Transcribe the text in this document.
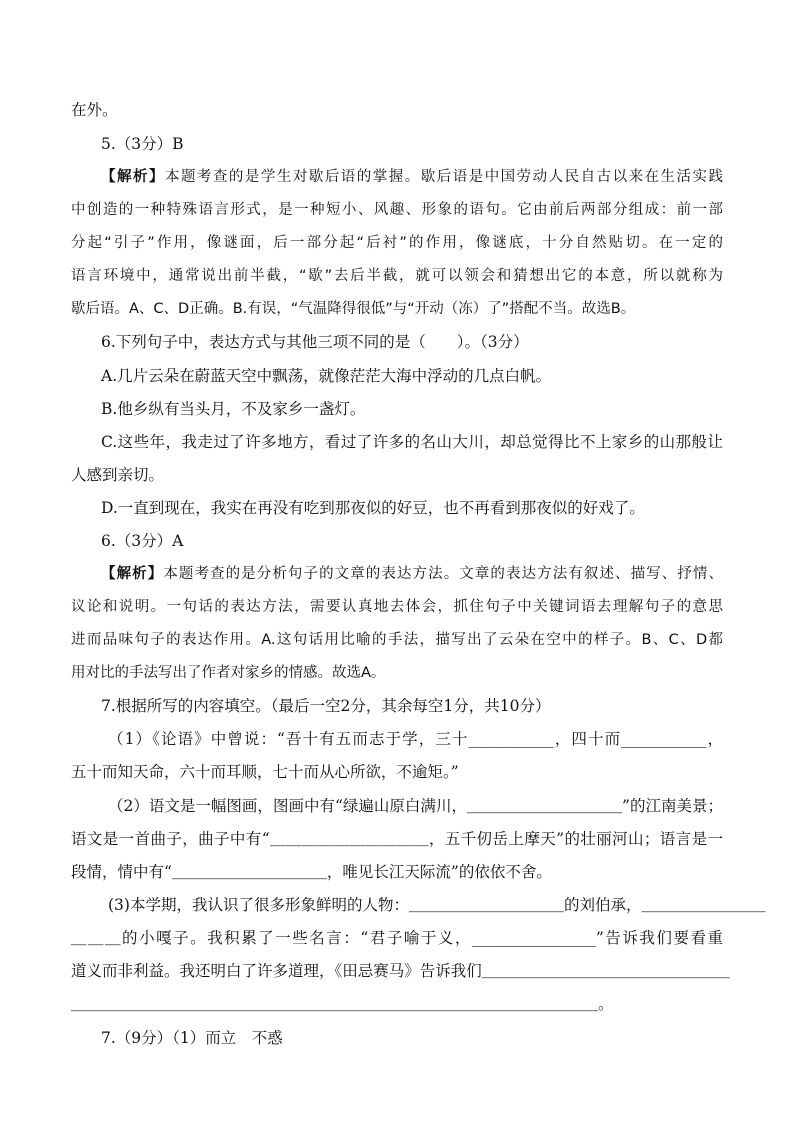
在外。
5.（3分）B
【解析】本题考查的是学生对歇后语的掌握。歇后语是中国劳动人民自古以来在生活实践
中创造的一种特殊语言形式，是一种短小、风趣、形象的语句。它由前后两部分组成：前一部
分起“引子”作用，像谜面，后一部分起“后衬”的作用，像谜底，十分自然贴切。在一定的
语言环境中，通常说出前半截，“歇”去后半截，就可以领会和猜想出它的本意，所以就称为
歇后语。A、C、D正确。B.有误，“气温降得很低”与“开动（冻）了”搭配不当。故选B。
6.下列句子中，表达方式与其他三项不同的是（　　）。（3分）
A.几片云朵在蔚蓝天空中飘荡，就像茫茫大海中浮动的几点白帆。
B.他乡纵有当头月，不及家乡一盏灯。
C.这些年，我走过了许多地方，看过了许多的名山大川，却总觉得比不上家乡的山那般让
人感到亲切。
D.一直到现在，我实在再没有吃到那夜似的好豆，也不再看到那夜似的好戏了。
6.（3分）A
【解析】本题考查的是分析句子的文章的表达方法。文章的表达方法有叙述、描写、抒情、
议论和说明。一句话的表达方法，需要认真地去体会，抓住句子中关键词语去理解句子的意思
进而品味句子的表达作用。A.这句话用比喻的手法，描写出了云朵在空中的样子。B、C、D都
用对比的手法写出了作者对家乡的情感。故选A。
7.根据所写的内容填空。（最后一空2分，其余每空1分，共10分）
（1）《论语》中曾说：“吾十有五而志于学，三十___________，四十而___________，
五十而知天命，六十而耳顺，七十而从心所欲，不逾矩。”
（2）语文是一幅图画，图画中有“绿遍山原白满川，＿＿＿＿＿＿＿＿＿＿”的江南美景；
语文是一首曲子，曲子中有“＿＿＿＿＿＿＿＿＿＿，五千仞岳上摩天”的壮丽河山；语言是一
段情，情中有“＿＿＿＿＿＿＿＿＿＿，唯见长江天际流”的依依不舍。
(3)本学期，我认识了很多形象鲜明的人物：＿＿＿＿＿＿＿＿＿＿的刘伯承，＿＿＿＿＿＿＿＿
＿＿＿的小嘎子。我积累了一些名言：“君子喻于义，________________”告诉我们要看重
道义而非利益。我还明白了许多道理，《田忌赛马》告诉我们＿＿＿＿＿＿＿＿＿＿＿＿＿＿＿＿
＿＿＿＿＿＿＿＿＿＿＿＿＿＿＿＿＿＿＿＿＿＿＿＿＿＿＿＿＿＿＿＿＿＿。
7.（9分）（1）而立　不惑
